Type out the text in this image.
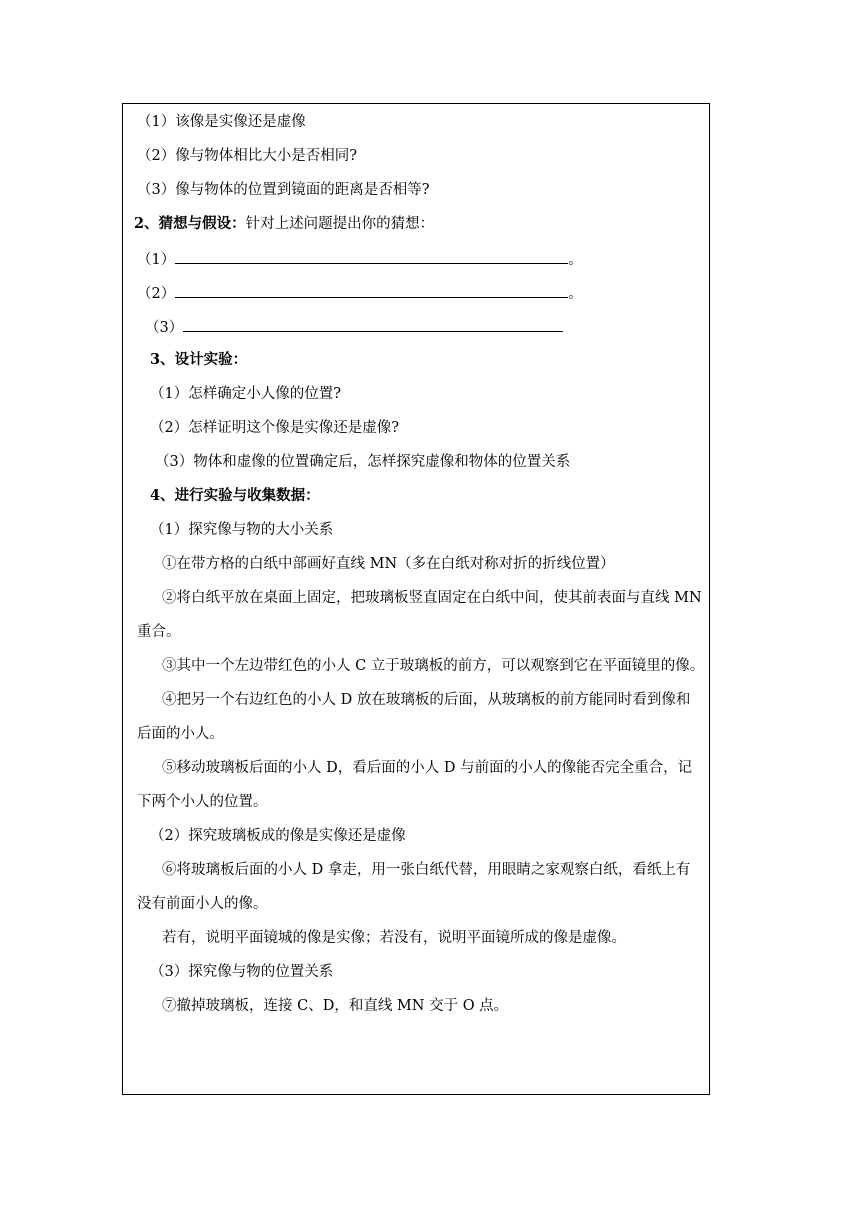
（1）该像是实像还是虚像
（2）像与物体相比大小是否相同?
（3）像与物体的位置到镜面的距离是否相等?
2、猜想与假设：针对上述问题提出你的猜想：
（1）	。
（2）	。
（3）
3、设计实验：
（1）怎样确定小人像的位置?
（2）怎样证明这个像是实像还是虚像?
（3）物体和虚像的位置确定后，怎样探究虚像和物体的位置关系
4、进行实验与收集数据：
（1）探究像与物的大小关系
①在带方格的白纸中部画好直线 MN（多在白纸对称对折的折线位置）
②将白纸平放在桌面上固定，把玻璃板竖直固定在白纸中间，使其前表面与直线 MN
重合。
③其中一个左边带红色的小人 C 立于玻璃板的前方，可以观察到它在平面镜里的像。
④把另一个右边红色的小人 D 放在玻璃板的后面，从玻璃板的前方能同时看到像和
后面的小人。
⑤移动玻璃板后面的小人 D，看后面的小人 D 与前面的小人的像能否完全重合，记
下两个小人的位置。
（2）探究玻璃板成的像是实像还是虚像
⑥将玻璃板后面的小人 D 拿走，用一张白纸代替，用眼睛之家观察白纸，看纸上有
没有前面小人的像。
若有，说明平面镜城的像是实像；若没有，说明平面镜所成的像是虚像。
（3）探究像与物的位置关系
⑦撤掉玻璃板，连接 C、D，和直线 MN 交于 O 点。
